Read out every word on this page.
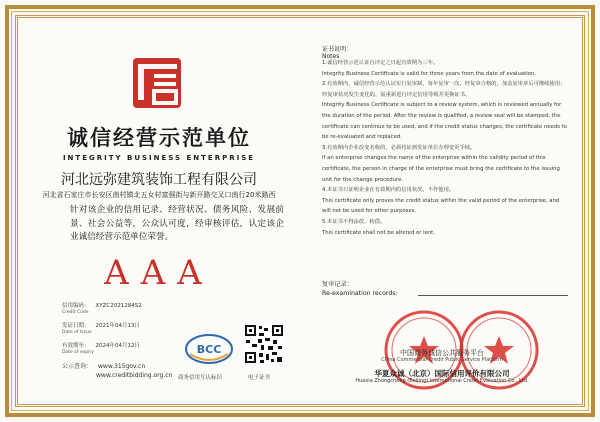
诚信经营示范单位
INTEGRITY BUSINESS ENTERPRISE
河北远弥建筑装饰工程有限公司
河北省石家庄市长安区南村镇北五女村富强街与新开路交叉口南行20米路西
针对该企业的信用记录、经营状况、债务风险、发展前景、社会公益等，公众认可度，经审核评估，认定该企业诚信经营示范单位荣誉。
AAA
信用编码： XYZC2021284S2
Credit Code
发证日期： 2021年04月13日
Date of Issue
有效期至： 2024年04月12日
Date of expiry
公示查询： www.315gov.cn
www.creditbidding.org.cn
BCC
商务信用互认标识	电子证书
证书说明：
Notes

1.诚信经营示范认证自评定之日起有效期为三年。

Integrity Business Certificate is valid for three years from the date of evaluation.

2.有效期内，诚信经营示范认证实行复审制，每年复审一次，经复审合格的，加盖复审章后可继续使用；经复审状况发生变化的，需重新进行评定信用等级并更换证书。

Integrity Business Certificate is subject to a review system, which is reviewed annually for the duration of the period. After the review is qualified, a review seal will be stamped, the certificate can continue to be used, and if the credit status changes, the certificate needs to be re-evaluated and replaced.

3.有效期内企业改变名称的，必须持证到发证单位办理变更手续。

If an enterprise changes the name of the enterprise within the validity period of this certificate, the person in charge of the enterprise must bring the certificate to the issuing unit for the change procedure.

4.本证书只证明企业在有效期内的信用状况，不作他用。

This certificate only proves the credit status within the valid period of the enterprise, and will not be used for other purposes.

5.本证书不得涂改、转借。

This certificate shall not be altered or lent.

复审记录：
Re-examination records:
中国商务诚信公共服务平台
China Commercial Credit Public Service Platform
华夏众诚（北京）国际信用评价有限公司
Huaxia Zhongcheng (Beijing) International Credit Evaluation Co., Ltd.
